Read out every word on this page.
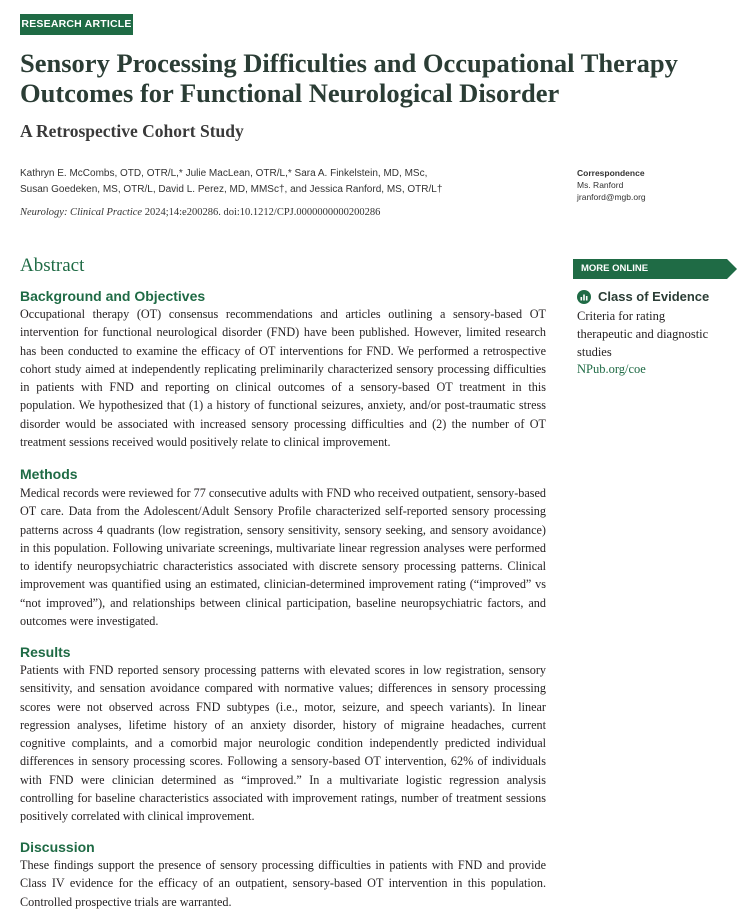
RESEARCH ARTICLE
Sensory Processing Difficulties and Occupational Therapy Outcomes for Functional Neurological Disorder
A Retrospective Cohort Study
Kathryn E. McCombs, OTD, OTR/L,* Julie MacLean, OTR/L,* Sara A. Finkelstein, MD, MSc,
Susan Goedeken, MS, OTR/L, David L. Perez, MD, MMSc†, and Jessica Ranford, MS, OTR/L†
Neurology: Clinical Practice 2024;14:e200286. doi:10.1212/CPJ.0000000000200286
Correspondence
Ms. Ranford
jranford@mgb.org
Abstract
Background and Objectives

Occupational therapy (OT) consensus recommendations and articles outlining a sensory-based OT intervention for functional neurological disorder (FND) have been published. However, limited research has been conducted to examine the efficacy of OT interventions for FND. We performed a retrospective cohort study aimed at independently replicating preliminarily characterized sensory processing difficulties in patients with FND and reporting on clinical outcomes of a sensory-based OT treatment in this population. We hypothesized that (1) a history of functional seizures, anxiety, and/or post-traumatic stress disorder would be associated with increased sensory processing difficulties and (2) the number of OT treatment sessions received would positively relate to clinical improvement.

Methods

Medical records were reviewed for 77 consecutive adults with FND who received outpatient, sensory-based OT care. Data from the Adolescent/Adult Sensory Profile characterized self-reported sensory processing patterns across 4 quadrants (low registration, sensory sensitivity, sensory seeking, and sensory avoidance) in this population. Following univariate screenings, multivariate linear regression analyses were performed to identify neuropsychiatric characteristics associated with discrete sensory processing patterns. Clinical improvement was quantified using an estimated, clinician-determined improvement rating (“improved” vs “not improved”), and relationships between clinical participation, baseline neuropsychiatric factors, and outcomes were investigated.

Results

Patients with FND reported sensory processing patterns with elevated scores in low registration, sensory sensitivity, and sensation avoidance compared with normative values; differences in sensory processing scores were not observed across FND subtypes (i.e., motor, seizure, and speech variants). In linear regression analyses, lifetime history of an anxiety disorder, history of migraine headaches, current cognitive complaints, and a comorbid major neurologic condition independently predicted individual differences in sensory processing scores. Following a sensory-based OT intervention, 62% of individuals with FND were clinician determined as “improved.” In a multivariate logistic regression analysis controlling for baseline characteristics associated with improvement ratings, number of treatment sessions positively correlated with clinical improvement.

Discussion

These findings support the presence of sensory processing difficulties in patients with FND and provide Class IV evidence for the efficacy of an outpatient, sensory-based OT intervention in this population. Controlled prospective trials are warranted.

MORE ONLINE
Class of Evidence
Criteria for rating therapeutic and diagnostic studies
NPub.org/coe
